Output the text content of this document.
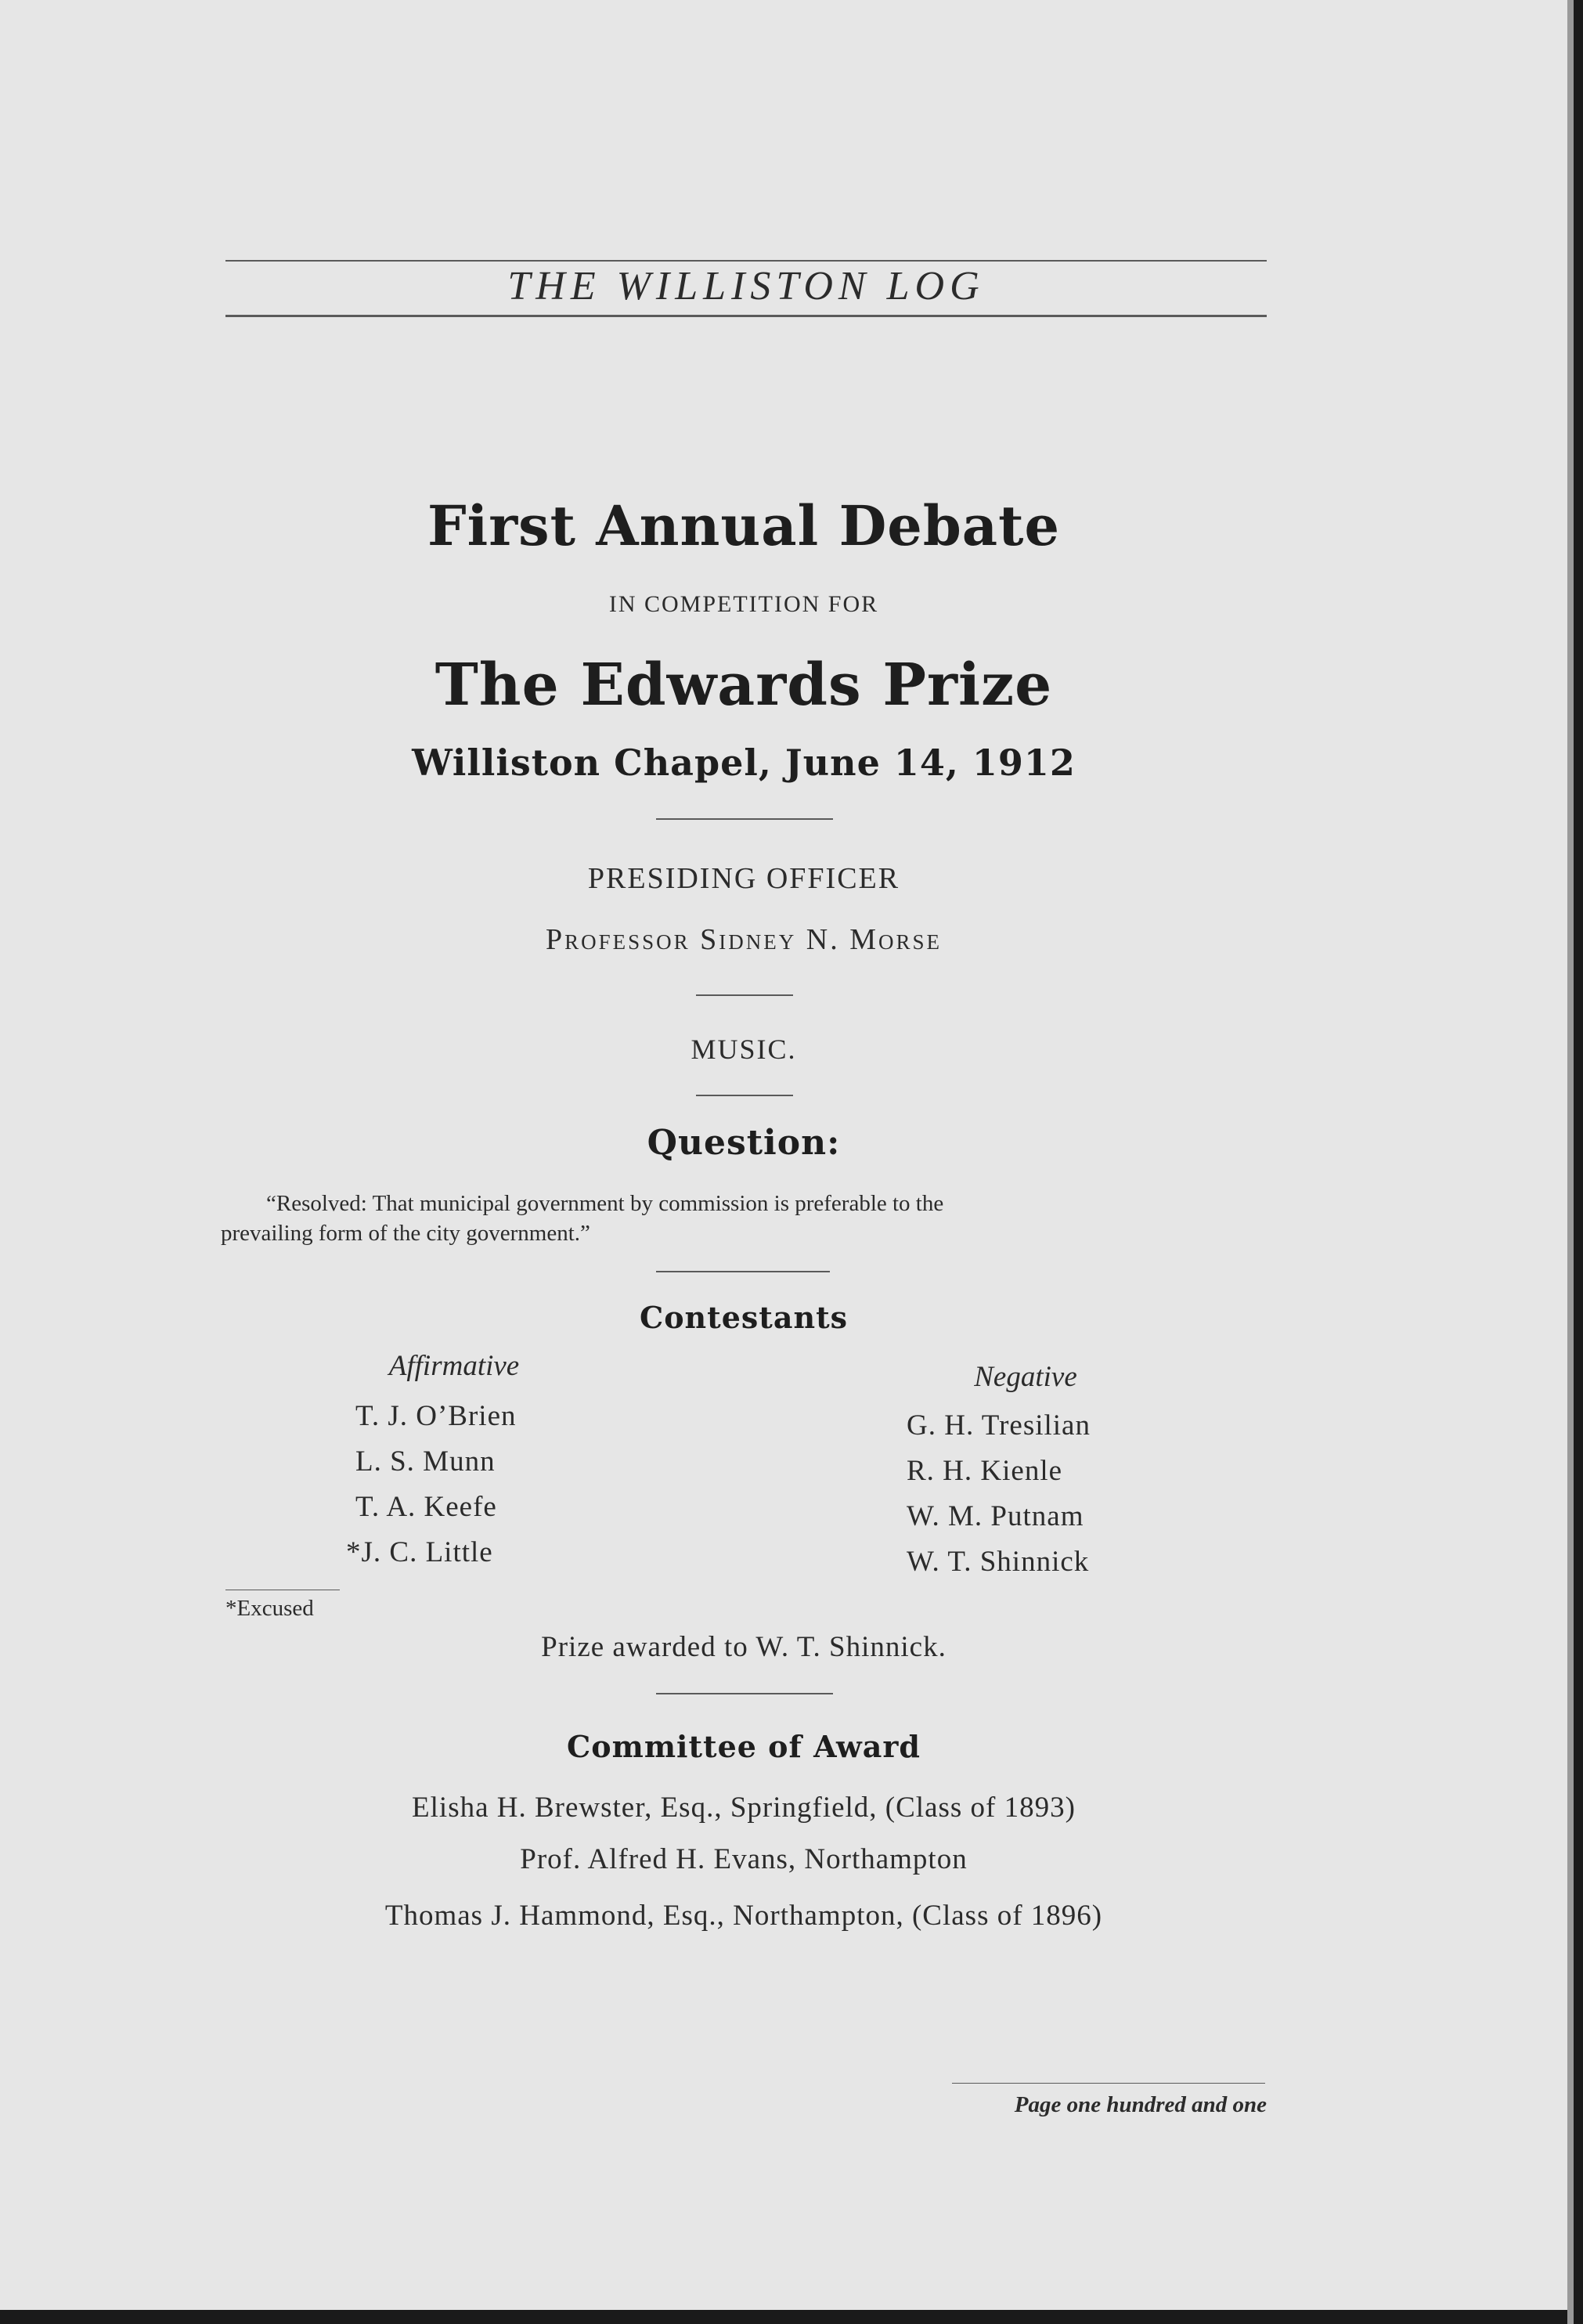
THE WILLISTON LOG
First Annual Debate
IN COMPETITION FOR
The Edwards Prize
Williston Chapel, June 14, 1912
PRESIDING OFFICER
Professor Sidney N. Morse
MUSIC.
Question:
“Resolved: That municipal government by commission is preferable to the
prevailing form of the city government.”
Contestants
Affirmative
T. J. O’Brien
L. S. Munn
T. A. Keefe
*J. C. Little
Negative
G. H. Tresilian
R. H. Kienle
W. M. Putnam
W. T. Shinnick
*Excused
Prize awarded to W. T. Shinnick.
Committee of Award
Elisha H. Brewster, Esq., Springfield, (Class of 1893)
Prof. Alfred H. Evans, Northampton
Thomas J. Hammond, Esq., Northampton, (Class of 1896)
Page one hundred and one
